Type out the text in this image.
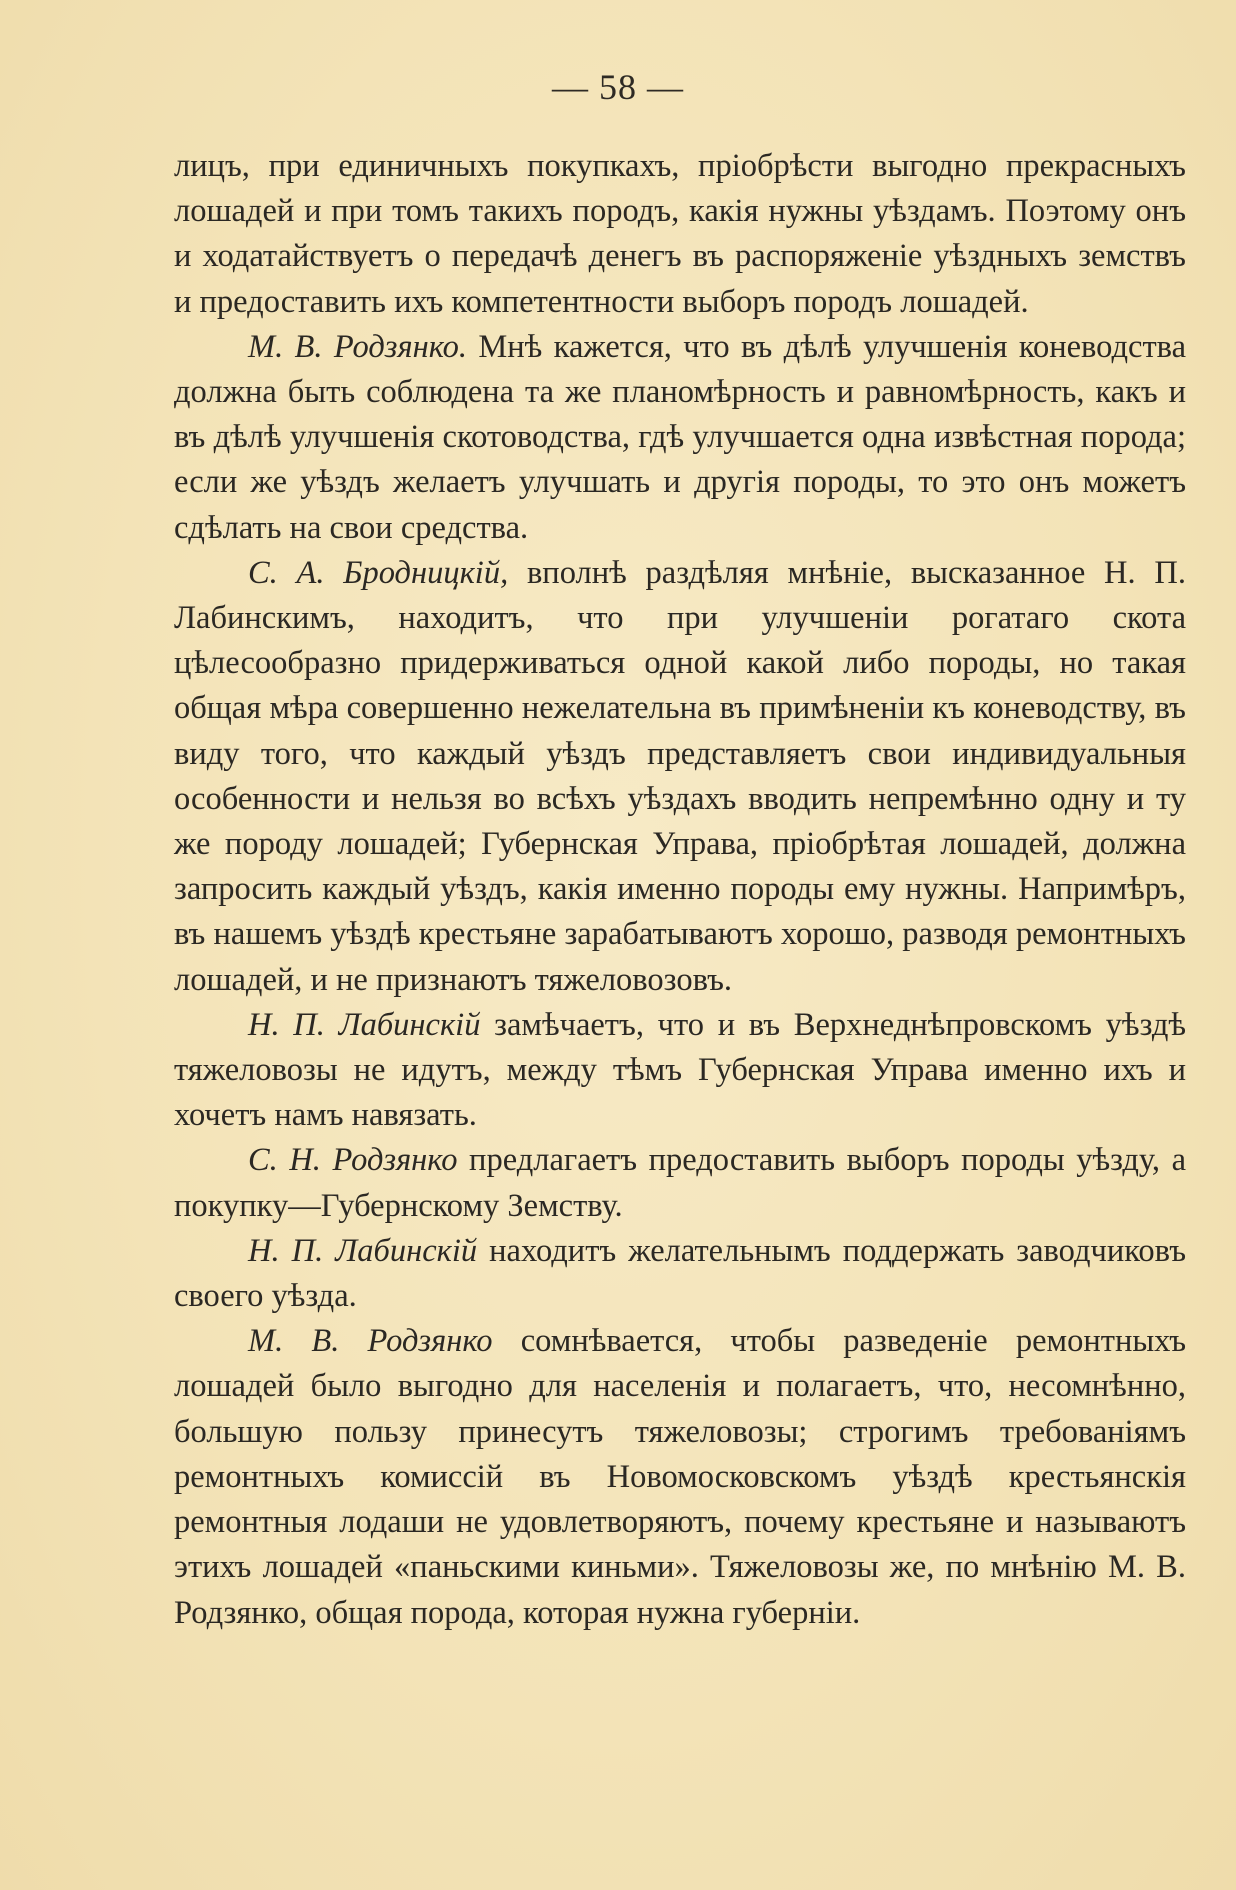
— 58 —

лицъ, при единичныхъ покупкахъ, пріобрѣсти выгодно прекрасныхъ лошадей и при томъ такихъ породъ, какія нужны уѣздамъ. Поэтому онъ и ходатайствуетъ о передачѣ денегъ въ распоряженіе уѣздныхъ земствъ и предоставить ихъ компетентности выборъ породъ лошадей.

М. В. Родзянко. Мнѣ кажется, что въ дѣлѣ улучшенія коневодства должна быть соблюдена та же планомѣрность и равномѣрность, какъ и въ дѣлѣ улучшенія скотоводства, гдѣ улучшается одна извѣстная порода; если же уѣздъ желаетъ улучшать и другія породы, то это онъ можетъ сдѣлать на свои средства.

С. А. Бродницкій, вполнѣ раздѣляя мнѣніе, высказанное Н. П. Лабинскимъ, находитъ, что при улучшеніи рогатаго скота цѣлесообразно придерживаться одной какой либо породы, но такая общая мѣра совершенно нежелательна въ примѣненіи къ коневодству, въ виду того, что каждый уѣздъ представляетъ свои индивидуальныя особенности и нельзя во всѣхъ уѣздахъ вводить непремѣнно одну и ту же породу лошадей; Губернская Управа, пріобрѣтая лошадей, должна запросить каждый уѣздъ, какія именно породы ему нужны. Напримѣръ, въ нашемъ уѣздѣ крестьяне зарабатываютъ хорошо, разводя ремонтныхъ лошадей, и не признаютъ тяжеловозовъ.

Н. П. Лабинскій замѣчаетъ, что и въ Верхнеднѣпровскомъ уѣздѣ тяжеловозы не идутъ, между тѣмъ Губернская Управа именно ихъ и хочетъ намъ навязать.

С. Н. Родзянко предлагаетъ предоставить выборъ породы уѣзду, а покупку—Губернскому Земству.

Н. П. Лабинскій находитъ желательнымъ поддержать заводчиковъ своего уѣзда.

М. В. Родзянко сомнѣвается, чтобы разведеніе ремонтныхъ лошадей было выгодно для населенія и полагаетъ, что, несомнѣнно, большую пользу принесутъ тяжеловозы; строгимъ требованіямъ ремонтныхъ комиссій въ Новомосковскомъ уѣздѣ крестьянскія ремонтныя лодаши не удовлетворяютъ, почему крестьяне и называютъ этихъ лошадей «паньскими киньми». Тяжеловозы же, по мнѣнію М. В. Родзянко, общая порода, которая нужна губерніи.
